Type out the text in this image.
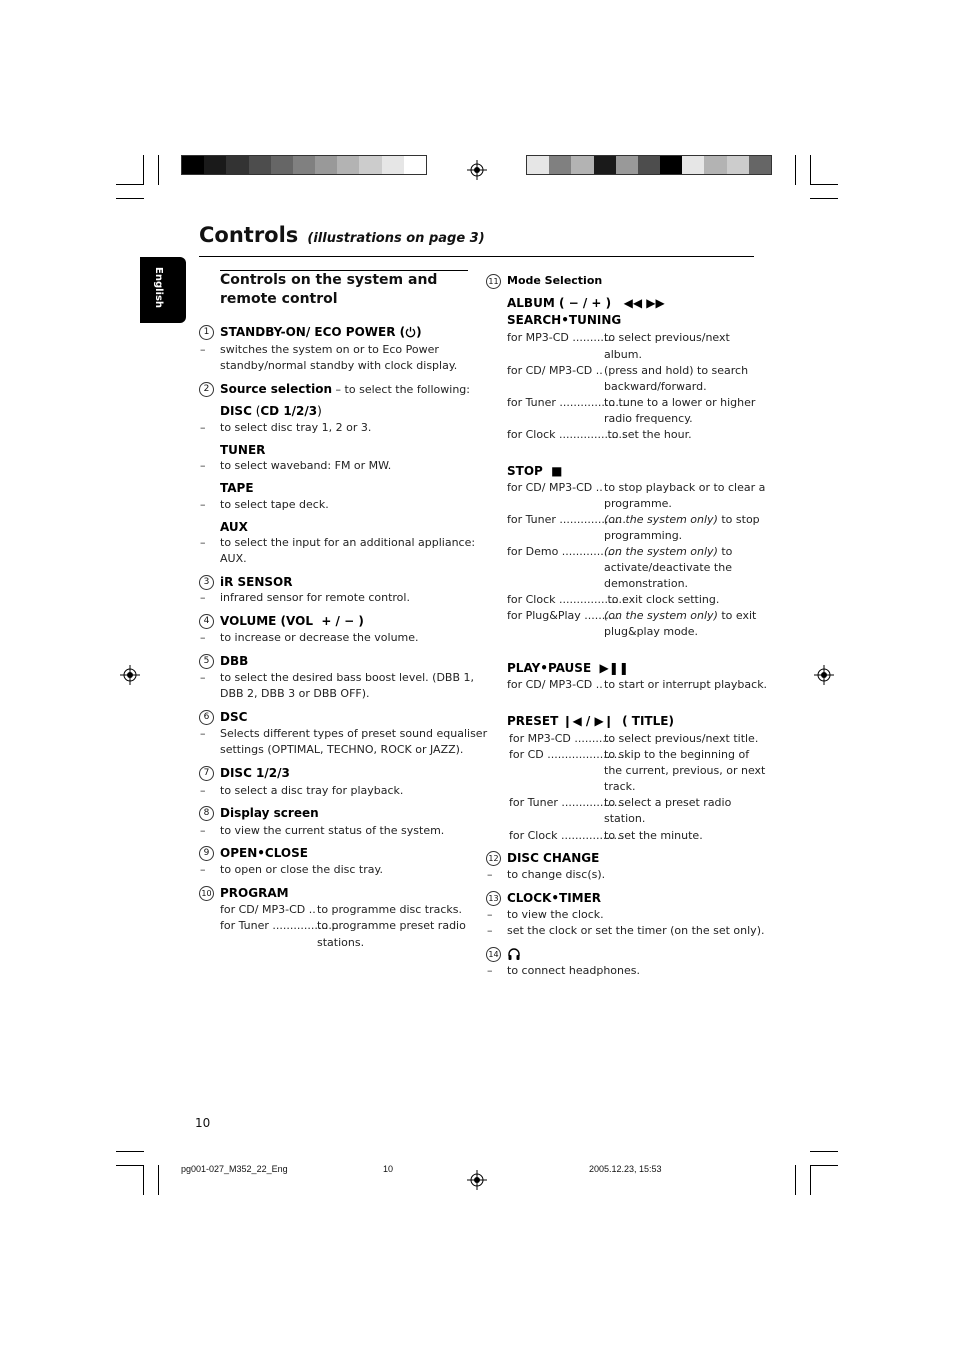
English
Controls (illustrations on page 3)
Controls on the system and
remote control
1 STANDBY-ON/ ECO POWER ( )
– switches the system on or to Eco Power
standby/normal standby with clock display.
2 Source selection – to select the following:
DISC (CD 1/2/3)
– to select disc tray 1, 2 or 3.
TUNER
– to select waveband: FM or MW.
TAPE
– to select tape deck.
AUX
– to select the input for an additional appliance:
AUX.
3 iR SENSOR
– infrared sensor for remote control.
4 VOLUME (VOL  + / − )
– to increase or decrease the volume.
5 DBB
– to select the desired bass boost level. (DBB 1,
DBB 2, DBB 3 or DBB OFF).
6 DSC
– Selects different types of preset sound equaliser
settings (OPTIMAL, TECHNO, ROCK or JAZZ).
7 DISC 1/2/3
– to select a disc tray for playback.
8 Display screen
– to view the current status of the system.
9 OPEN•CLOSE
– to open or close the disc tray.
10 PROGRAM
for CD/ MP3-CD .. to programme disc tracks.
for Tuner ...................
to programme preset radio
stations.
11 Mode Selection
ALBUM ( − / + )   ◀◀ ▶▶
SEARCH•TUNING
for MP3-CD ............
to select previous/next
album.
for CD/ MP3-CD .. (press and hold) to search
backward/forward.
for Tuner ...................
to tune to a lower or higher
radio frequency.
for Clock ...................
to set the hour.
STOP  ■
for CD/ MP3-CD .. to stop playback or to clear a
programme.
for Tuner ...................
(on the system only) to stop
programming.
for Demo .................
(on the system only) to
activate/deactivate the
demonstration.
for Clock ...................
to exit clock setting.
for Plug&Play ..........
(on the system only) to exit
plug&play mode.
PLAY•PAUSE  ▶❚❚
for CD/ MP3-CD .. to start or interrupt playback.
PRESET ❙◀ / ▶❙  ( TITLE)
for MP3-CD ...........
to select previous/next title.
for CD .......................
to skip to the beginning of
the current, previous, or next
track.
for Tuner ..................
to select a preset radio
station.
for Clock ..................
to set the minute.
12 DISC CHANGE
– to change disc(s).
13 CLOCK•TIMER
– to view the clock.
– set the clock or set the timer (on the set only).
14
– to connect headphones.
10
pg001-027_M352_22_Eng	10	2005.12.23, 15:53
